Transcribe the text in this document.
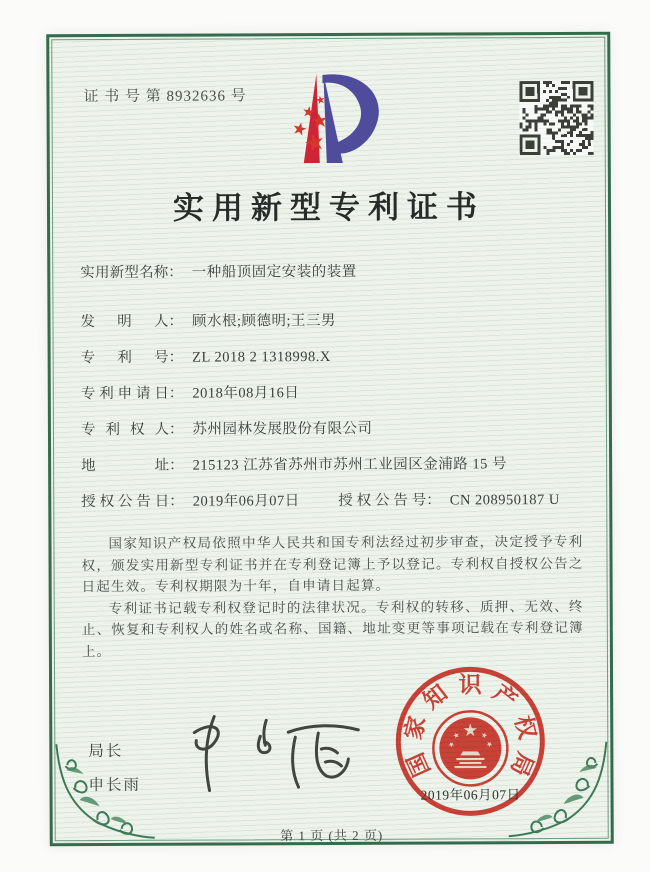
证 书 号 第 8932636 号
实用新型专利证书
实用新型名称： 一种船顶固定安装的装置
发明人： 顾水根;顾德明;王三男
专利号： ZL 2018 2 1318998.X
专利申请日： 2018年08月16日
专利权人： 苏州园林发展股份有限公司
地址： 215123 江苏省苏州市苏州工业园区金浦路 15 号
授权公告日： 2019年06月07日	授权公告号： CN 208950187 U

国家知识产权局依照中华人民共和国专利法经过初步审查，决定授予专利权，颁发实用新型专利证书并在专利登记簿上予以登记。专利权自授权公告之日起生效。专利权期限为十年，自申请日起算。

专利证书记载专利权登记时的法律状况。专利权的转移、质押、无效、终止、恢复和专利权人的姓名或名称、国籍、地址变更等事项记载在专利登记簿上。

局长
申长雨
国
家
知 识 产
权
局
2019年06月07日
第 1 页 (共 2 页)
